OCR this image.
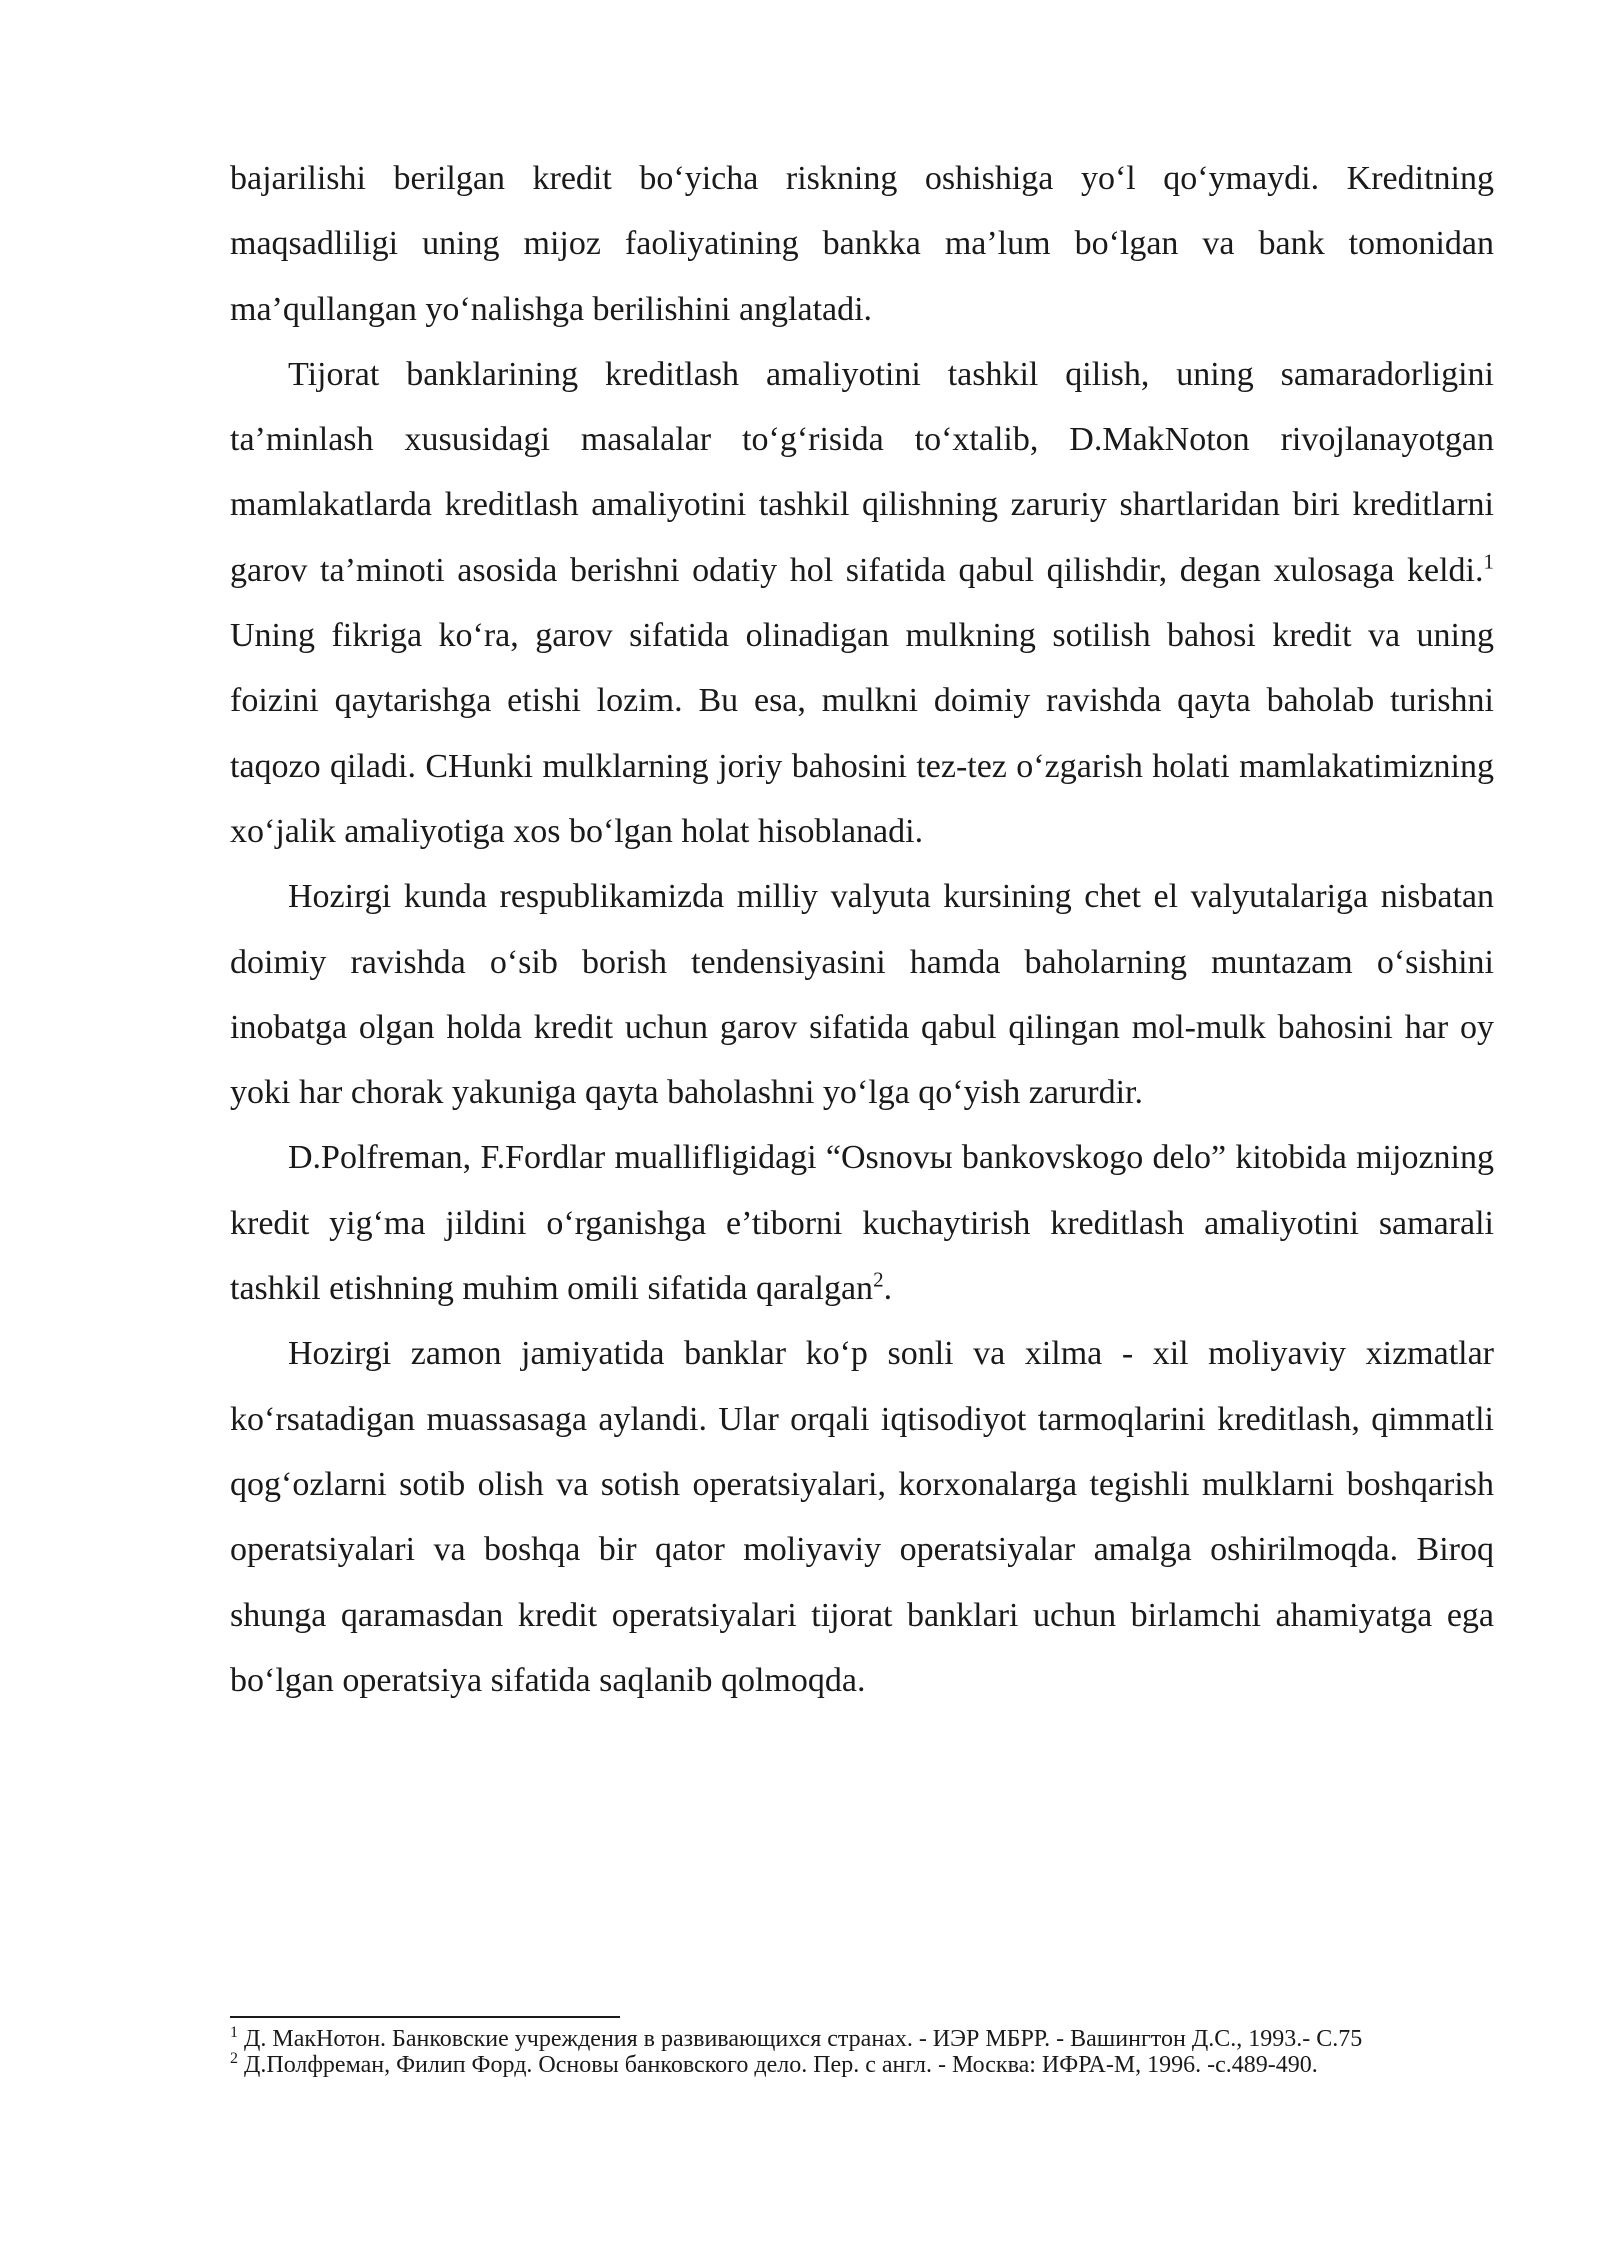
bajarilishi berilgan kredit bo‘yicha riskning oshishiga yo‘l qo‘ymaydi. Kreditning maqsadliligi uning mijoz faoliyatining bankka ma’lum bo‘lgan va bank tomonidan ma’qullangan yo‘nalishga berilishini anglatadi.

Tijorat banklarining kreditlash amaliyotini tashkil qilish, uning samaradorligini ta’minlash xususidagi masalalar to‘g‘risida to‘xtalib, D.MakNoton rivojlanayotgan mamlakatlarda kreditlash amaliyotini tashkil qilishning zaruriy shartlaridan biri kreditlarni garov ta’minoti asosida berishni odatiy hol sifatida qabul qilishdir, degan xulosaga keldi.$^1$ Uning fikriga ko‘ra, garov sifatida olinadigan mulkning sotilish bahosi kredit va uning foizini qaytarishga etishi lozim. Bu esa, mulkni doimiy ravishda qayta baholab turishni taqozo qiladi. CHunki mulklarning joriy bahosini tez-tez o‘zgarish holati mamlakatimizning xo‘jalik amaliyotiga xos bo‘lgan holat hisoblanadi.

Hozirgi kunda respublikamizda milliy valyuta kursining chet el valyutalariga nisbatan doimiy ravishda o‘sib borish tendensiyasini hamda baholarning muntazam o‘sishini inobatga olgan holda kredit uchun garov sifatida qabul qilingan mol-mulk bahosini har oy yoki har chorak yakuniga qayta baholashni yo‘lga qo‘yish zarurdir.

D.Polfreman, F.Fordlar muallifligidagi “Osnovы bankovskogo delo” kitobida mijozning kredit yig‘ma jildini o‘rganishga e’tiborni kuchaytirish kreditlash amaliyotini samarali tashkil etishning muhim omili sifatida qaralgan$^2$.

Hozirgi zamon jamiyatida banklar ko‘p sonli va xilma - xil moliyaviy xizmatlar ko‘rsatadigan muassasaga aylandi. Ular orqali iqtisodiyot tarmoqlarini kreditlash, qimmatli qog‘ozlarni sotib olish va sotish operatsiyalari, korxonalarga tegishli mulklarni boshqarish operatsiyalari va boshqa bir qator moliyaviy operatsiyalar amalga oshirilmoqda. Biroq shunga qaramasdan kredit operatsiyalari tijorat banklari uchun birlamchi ahamiyatga ega bo‘lgan operatsiya sifatida saqlanib qolmoqda.

$^1$ Д. МакНотон. Банковские учреждения в развивающихся странах. - ИЭР МБРР. - Вашингтон Д.С., 1993.- С.75

$^2$ Д.Полфреман, Филип Форд. Основы банковского дело. Пер. с англ. - Москва: ИФРА-М, 1996. -с.489-490.
